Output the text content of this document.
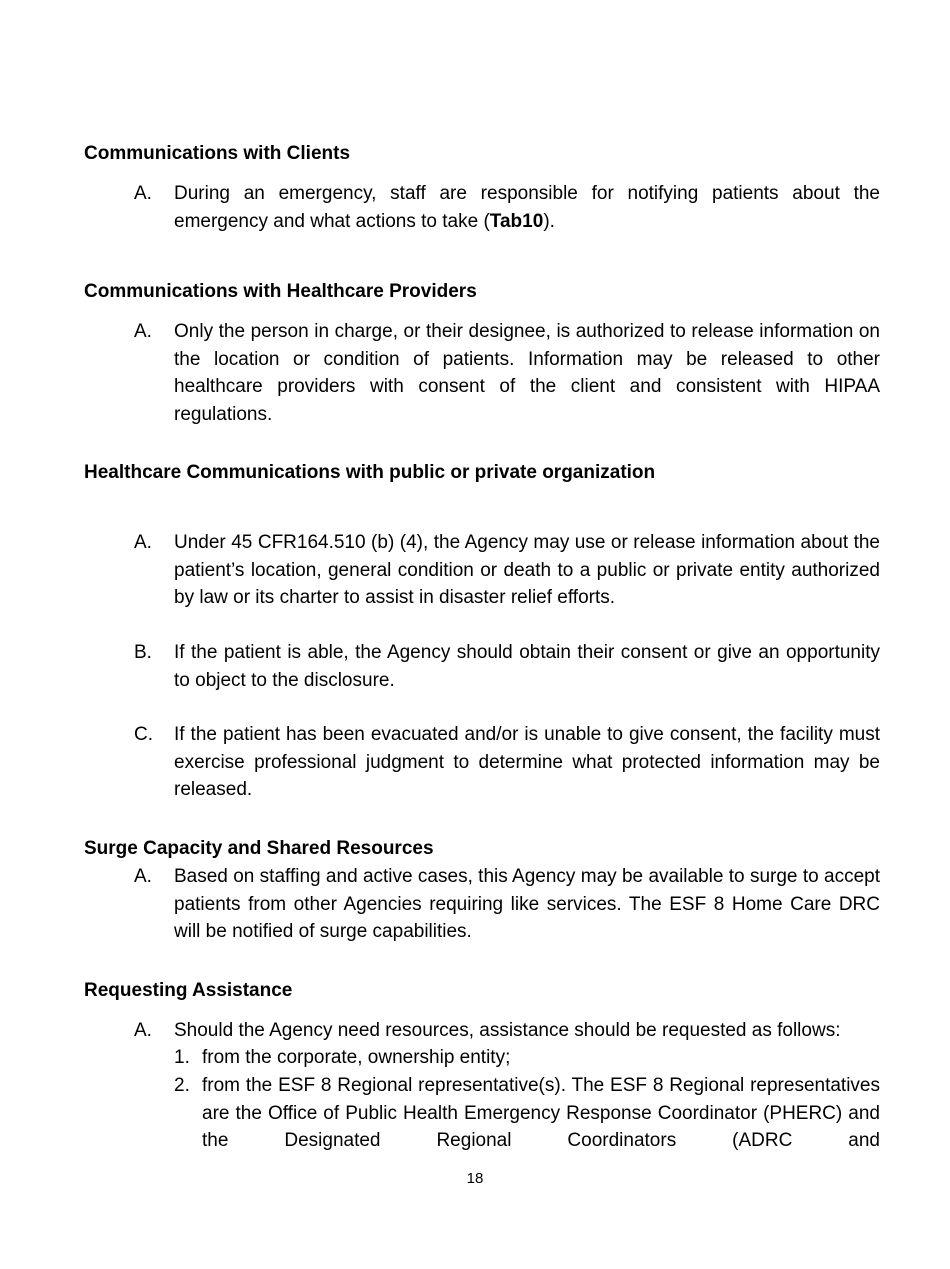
Communications with Clients
A. During an emergency, staff are responsible for notifying patients about the emergency and what actions to take (Tab10).
Communications with Healthcare Providers
A. Only the person in charge, or their designee, is authorized to release information on the location or condition of patients. Information may be released to other healthcare providers with consent of the client and consistent with HIPAA regulations.
Healthcare Communications with public or private organization
A. Under 45 CFR164.510 (b) (4), the Agency may use or release information about the patient’s location, general condition or death to a public or private entity authorized by law or its charter to assist in disaster relief efforts.
B. If the patient is able, the Agency should obtain their consent or give an opportunity to object to the disclosure.
C. If the patient has been evacuated and/or is unable to give consent, the facility must exercise professional judgment to determine what protected information may be released.
Surge Capacity and Shared Resources
A. Based on staffing and active cases, this Agency may be available to surge to accept patients from other Agencies requiring like services. The ESF 8 Home Care DRC will be notified of surge capabilities.
Requesting Assistance
A. Should the Agency need resources, assistance should be requested as follows:
1. from the corporate, ownership entity;
2. from the ESF 8 Regional representative(s). The ESF 8 Regional representatives are the Office of Public Health Emergency Response Coordinator (PHERC) and the Designated Regional Coordinators (ADRC and
18
